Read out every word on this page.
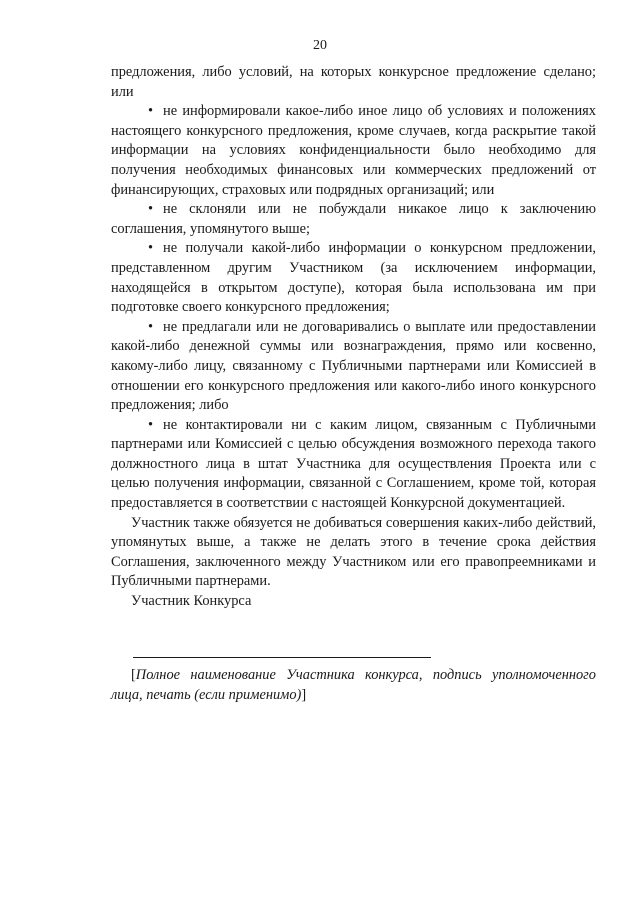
20

предложения, либо условий, на которых конкурсное предложение сделано; или

• не информировали какое-либо иное лицо об условиях и положениях настоящего конкурсного предложения, кроме случаев, когда раскрытие такой информации на условиях конфиденциальности было необходимо для получения необходимых финансовых или коммерческих предложений от финансирующих, страховых или подрядных организаций; или

• не склоняли или не побуждали никакое лицо к заключению соглашения, упомянутого выше;

• не получали какой-либо информации о конкурсном предложении, представленном другим Участником (за исключением информации, находящейся в открытом доступе), которая была использована им при подготовке своего конкурсного предложения;

• не предлагали или не договаривались о выплате или предоставлении какой-либо денежной суммы или вознаграждения, прямо или косвенно, какому-либо лицу, связанному с Публичными партнерами или Комиссией в отношении его конкурсного предложения или какого-либо иного конкурсного предложения; либо

• не контактировали ни с каким лицом, связанным с Публичными партнерами или Комиссией с целью обсуждения возможного перехода такого должностного лица в штат Участника для осуществления Проекта или с целью получения информации, связанной с Соглашением, кроме той, которая предоставляется в соответствии с настоящей Конкурсной документацией.

Участник также обязуется не добиваться совершения каких-либо действий, упомянутых выше, а также не делать этого в течение срока действия Соглашения, заключенного между Участником или его правопреемниками и Публичными партнерами.

Участник Конкурса

[Полное наименование Участника конкурса, подпись уполномоченного лица, печать (если применимо)]
